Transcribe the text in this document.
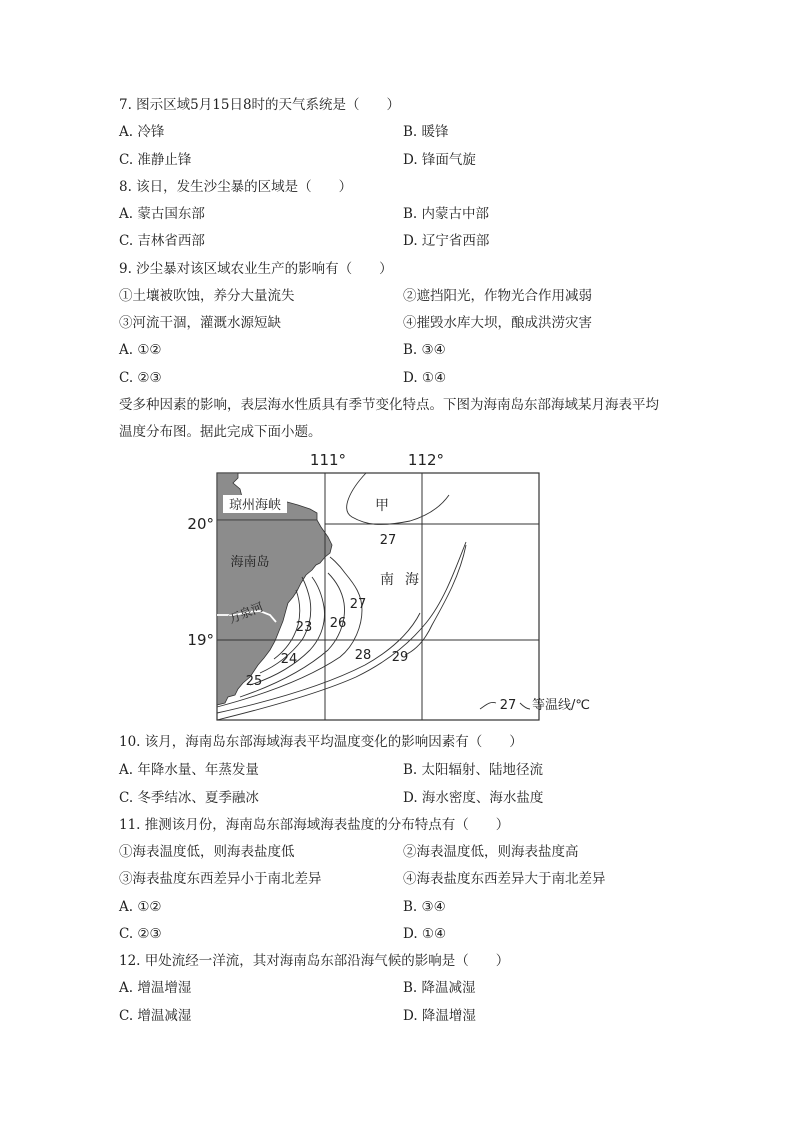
7. 图示区域5月15日8时的天气系统是（　　）
A. 冷锋	B. 暖锋
C. 准静止锋	D. 锋面气旋
8. 该日，发生沙尘暴的区域是（　　）
A. 蒙古国东部	B. 内蒙古中部
C. 吉林省西部	D. 辽宁省西部
9. 沙尘暴对该区域农业生产的影响有（　　）
①土壤被吹蚀，养分大量流失	②遮挡阳光，作物光合作用减弱
③河流干涸，灌溉水源短缺	④摧毁水库大坝，酿成洪涝灾害
A. ①②	B. ③④
C. ②③	D. ①④
受多种因素的影响，表层海水性质具有季节变化特点。下图为海南岛东部海域某月海表平均
温度分布图。据此完成下面小题。
111°	112°
20°
19°
琼州海峡
海南岛
万泉河
南 海
甲
27
27
26
23
24
25
28 29
27 等温线/℃
10. 该月，海南岛东部海域海表平均温度变化的影响因素有（　　）
A. 年降水量、年蒸发量	B. 太阳辐射、陆地径流
C. 冬季结冰、夏季融冰	D. 海水密度、海水盐度
11. 推测该月份，海南岛东部海域海表盐度的分布特点有（　　）
①海表温度低，则海表盐度低	②海表温度低，则海表盐度高
③海表盐度东西差异小于南北差异	④海表盐度东西差异大于南北差异
A. ①②	B. ③④
C. ②③	D. ①④
12. 甲处流经一洋流，其对海南岛东部沿海气候的影响是（　　）
A. 增温增湿	B. 降温减湿
C. 增温减湿	D. 降温增湿
